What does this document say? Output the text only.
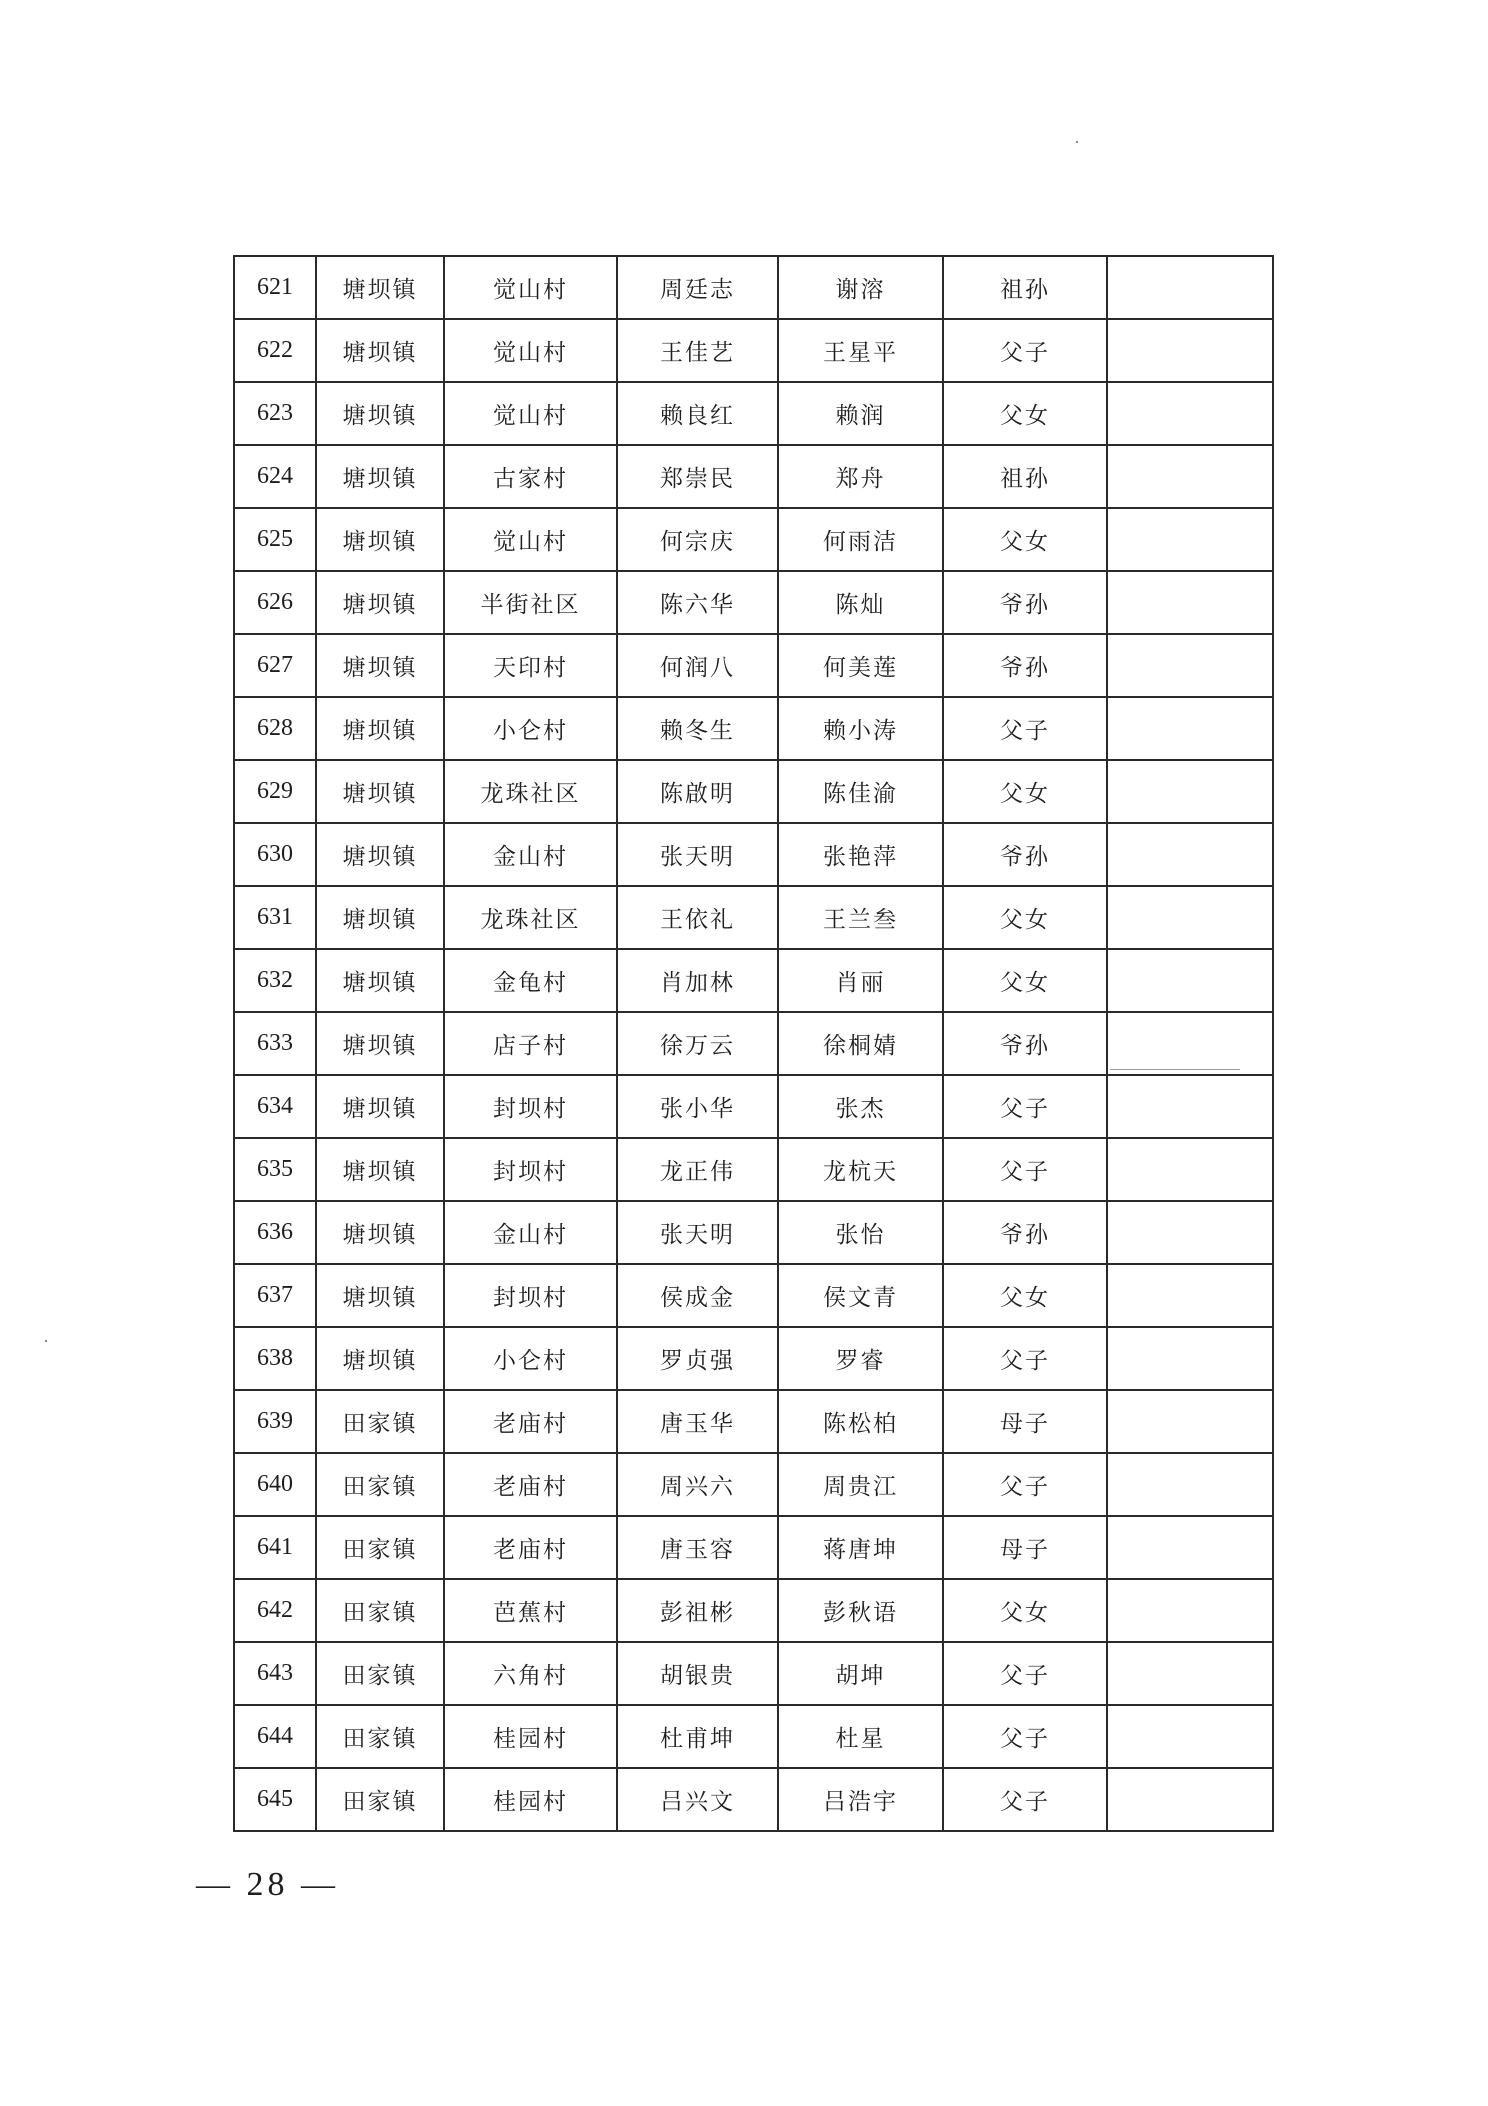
621	塘坝镇	觉山村	周廷志	谢溶	祖孙	
622	塘坝镇	觉山村	王佳艺	王星平	父子	
623	塘坝镇	觉山村	赖良红	赖润	父女	
624	塘坝镇	古家村	郑崇民	郑舟	祖孙	
625	塘坝镇	觉山村	何宗庆	何雨洁	父女	
626	塘坝镇	半街社区	陈六华	陈灿	爷孙	
627	塘坝镇	天印村	何润八	何美莲	爷孙	
628	塘坝镇	小仑村	赖冬生	赖小涛	父子	
629	塘坝镇	龙珠社区	陈啟明	陈佳渝	父女	
630	塘坝镇	金山村	张天明	张艳萍	爷孙	
631	塘坝镇	龙珠社区	王依礼	王兰叁	父女	
632	塘坝镇	金龟村	肖加林	肖丽	父女	
633	塘坝镇	店子村	徐万云	徐桐婧	爷孙	
634	塘坝镇	封坝村	张小华	张杰	父子	
635	塘坝镇	封坝村	龙正伟	龙杭天	父子	
636	塘坝镇	金山村	张天明	张怡	爷孙	
637	塘坝镇	封坝村	侯成金	侯文青	父女	
638	塘坝镇	小仑村	罗贞强	罗睿	父子	
639	田家镇	老庙村	唐玉华	陈松柏	母子	
640	田家镇	老庙村	周兴六	周贵江	父子	
641	田家镇	老庙村	唐玉容	蒋唐坤	母子	
642	田家镇	芭蕉村	彭祖彬	彭秋语	父女	
643	田家镇	六角村	胡银贵	胡坤	父子	
644	田家镇	桂园村	杜甫坤	杜星	父子	
645	田家镇	桂园村	吕兴文	吕浩宇	父子	
— 28 —
